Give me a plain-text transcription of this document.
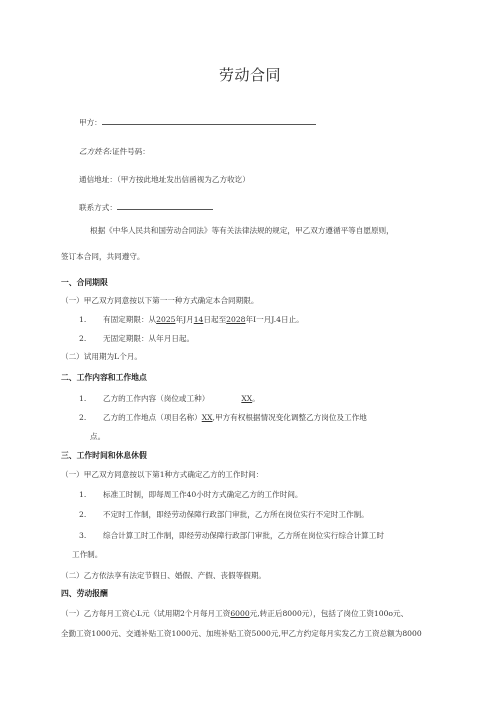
劳动合同
甲方：
乙方姓名:证件号码：
通信地址：（甲方按此地址发出信函视为乙方收讫）
联系方式：
根据《中华人民共和国劳动合同法》等有关法律法规的规定，甲乙双方遵循平等自愿原则，
签订本合同，共同遵守。
一、合同期限
（一）甲乙双方同意按以下第一一种方式确定本合同期限。
1. 有固定期限：从2025年J月14日起至2028年I一月J.4日止。
2. 无固定期限：从年月日起。
（二）试用期为L个月。
二、工作内容和工作地点
1. 乙方的工作内容（岗位或工种）	XX。
2. 乙方的工作地点（项目名称）XX,甲方有权根据情况变化调整乙方岗位及工作地
点。
三、工作时间和休息休假
（一）甲乙双方同意按以下第1种方式确定乙方的工作时间：
1. 标准工时制，即每周工作40小时方式确定乙方的工作时间。
2. 不定时工作制，即经劳动保障行政部门审批，乙方所在岗位实行不定时工作制。
3. 综合计算工时工作制，即经劳动保障行政部门审批，乙方所在岗位实行综合计算工时
工作制。
（二）乙方依法享有法定节假日、婚假、产假、丧假等假期。
四、劳动报酬
（一）乙方每月工资心L元（试用期2个月每月工资6000元,转正后8000元），包括了岗位工资100o元、
全勤工资1000元、交通补贴工资1000元、加班补贴工资5000元,甲乙方约定每月实发乙方工资总额为8000
